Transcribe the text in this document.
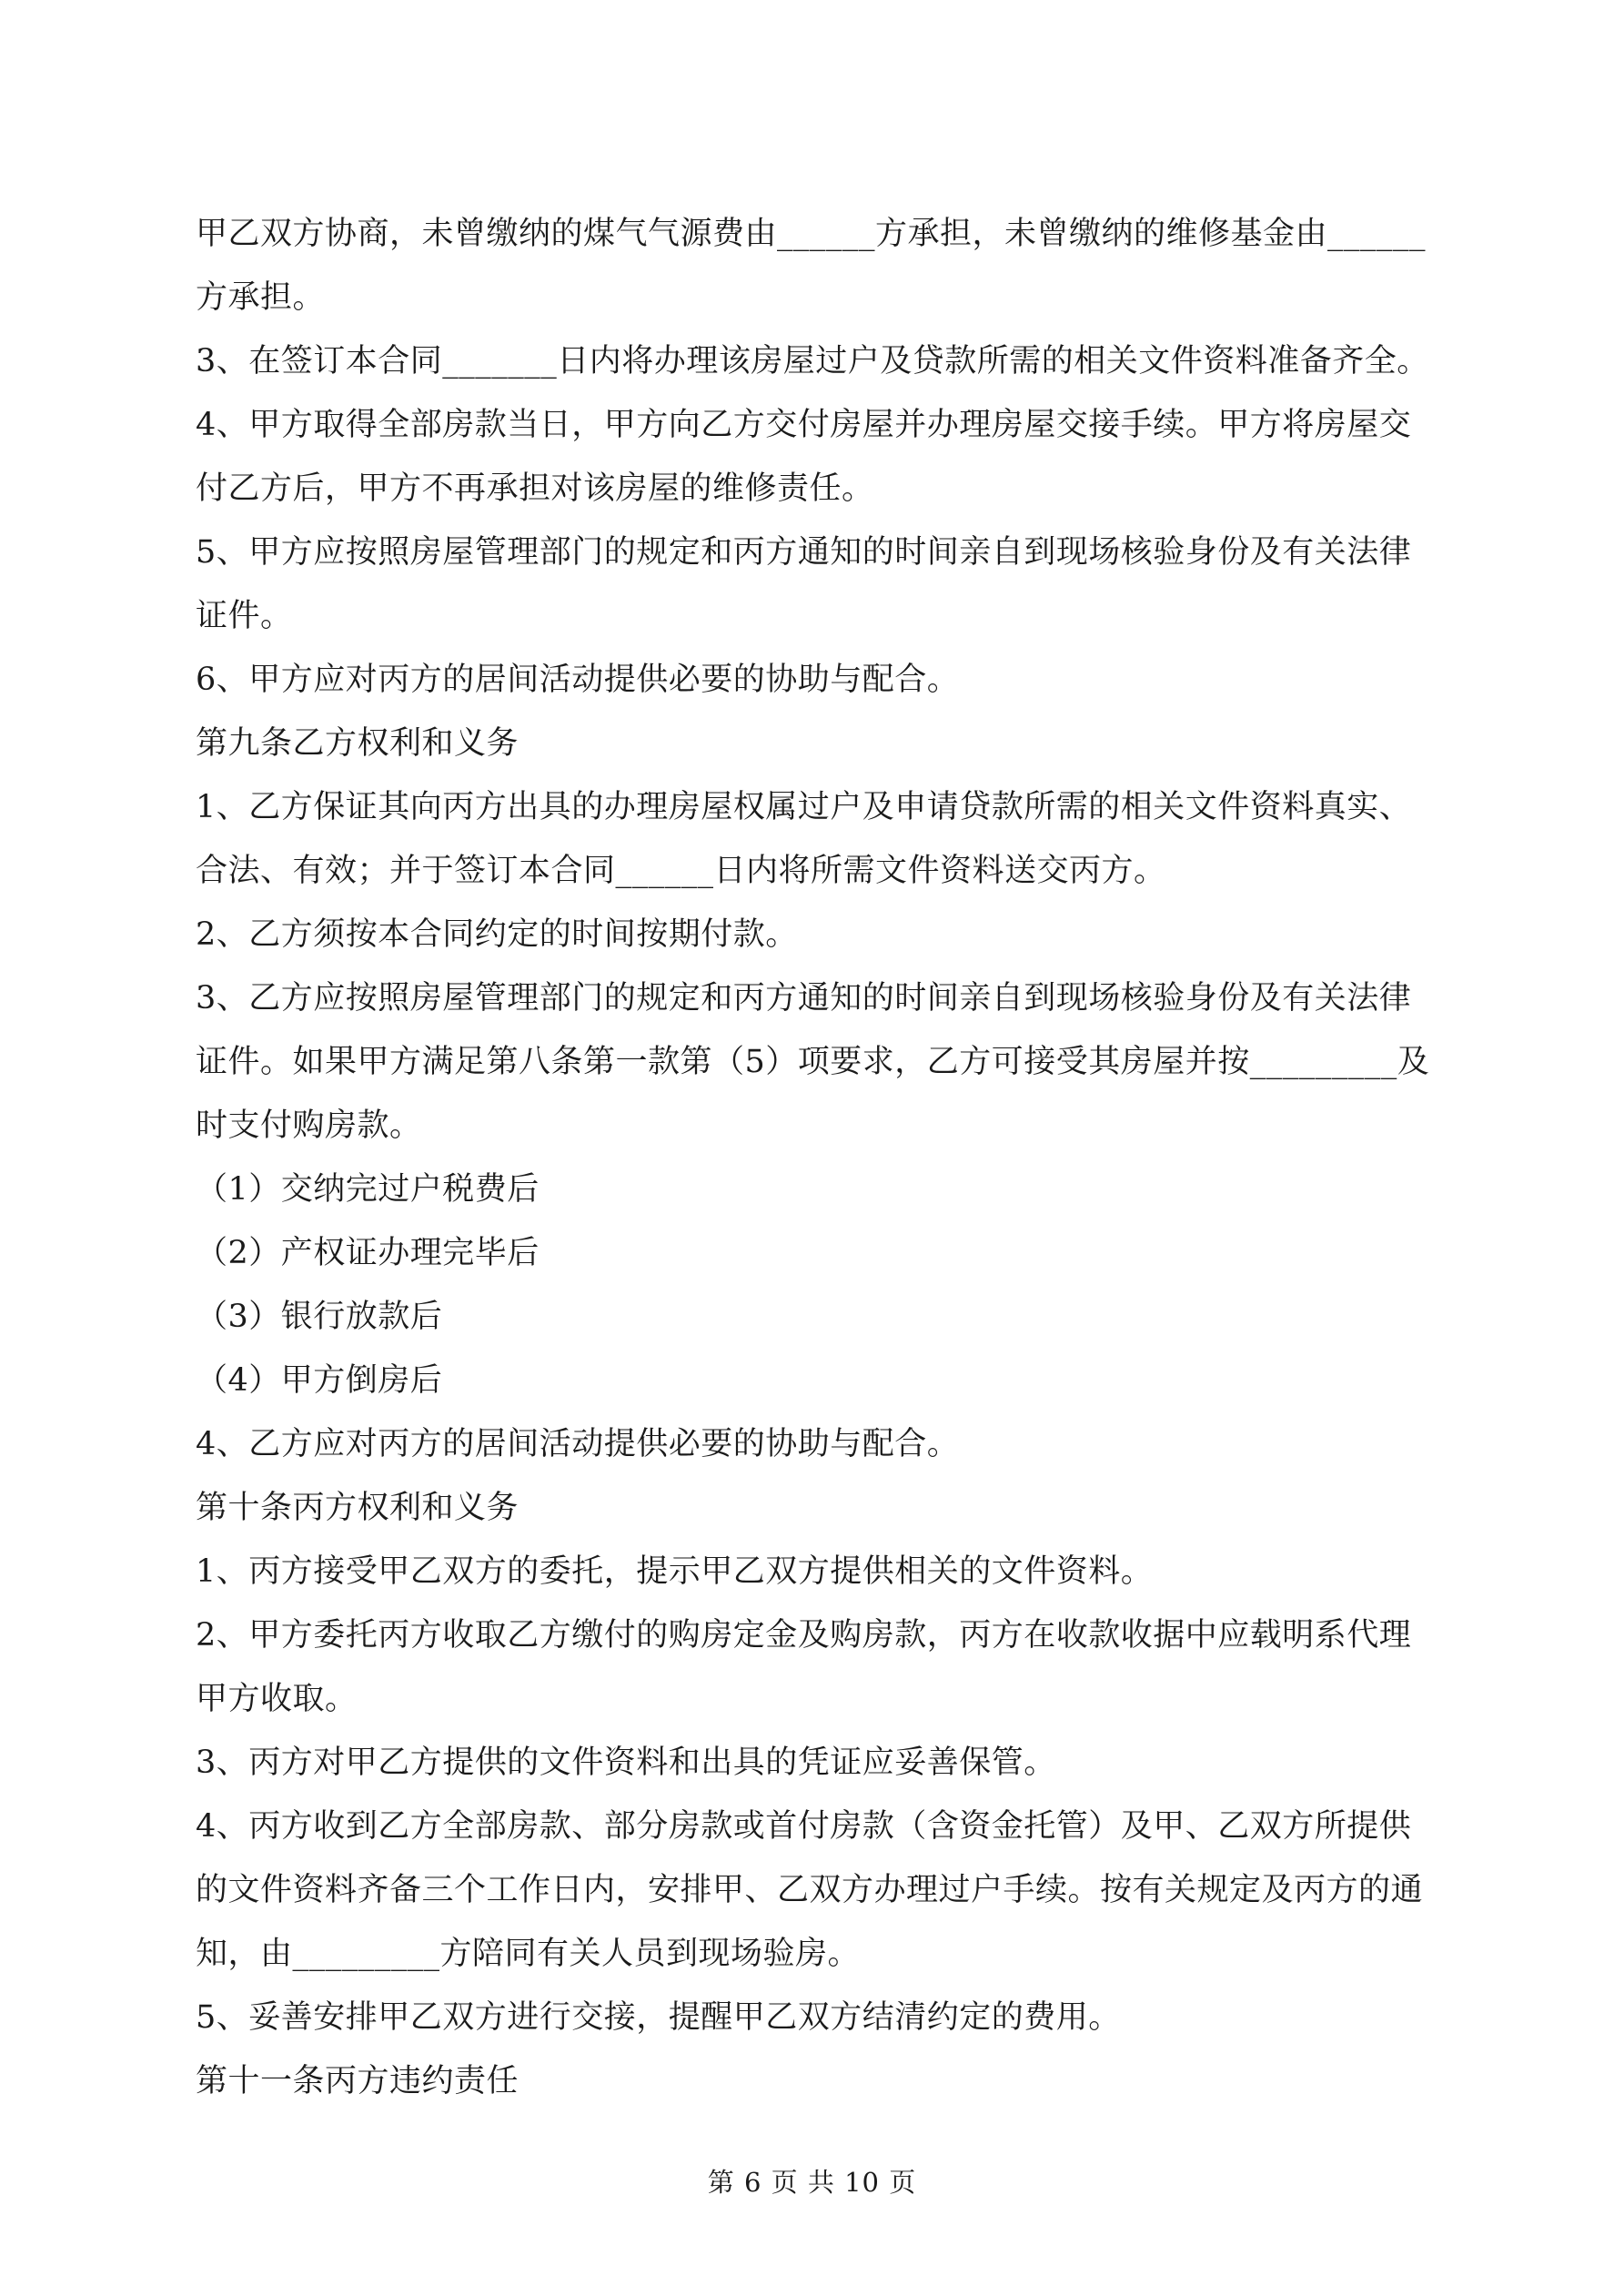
甲乙双方协商，未曾缴纳的煤气气源费由______方承担，未曾缴纳的维修基金由______
方承担。
3、在签订本合同_______日内将办理该房屋过户及贷款所需的相关文件资料准备齐全。
4、甲方取得全部房款当日，甲方向乙方交付房屋并办理房屋交接手续。甲方将房屋交
付乙方后，甲方不再承担对该房屋的维修责任。
5、甲方应按照房屋管理部门的规定和丙方通知的时间亲自到现场核验身份及有关法律
证件。
6、甲方应对丙方的居间活动提供必要的协助与配合。
第九条乙方权利和义务
1、乙方保证其向丙方出具的办理房屋权属过户及申请贷款所需的相关文件资料真实、
合法、有效；并于签订本合同______日内将所需文件资料送交丙方。
2、乙方须按本合同约定的时间按期付款。
3、乙方应按照房屋管理部门的规定和丙方通知的时间亲自到现场核验身份及有关法律
证件。如果甲方满足第八条第一款第（5）项要求，乙方可接受其房屋并按_________及
时支付购房款。
（1）交纳完过户税费后
（2）产权证办理完毕后
（3）银行放款后
（4）甲方倒房后
4、乙方应对丙方的居间活动提供必要的协助与配合。
第十条丙方权利和义务
1、丙方接受甲乙双方的委托，提示甲乙双方提供相关的文件资料。
2、甲方委托丙方收取乙方缴付的购房定金及购房款，丙方在收款收据中应载明系代理
甲方收取。
3、丙方对甲乙方提供的文件资料和出具的凭证应妥善保管。
4、丙方收到乙方全部房款、部分房款或首付房款（含资金托管）及甲、乙双方所提供
的文件资料齐备三个工作日内，安排甲、乙双方办理过户手续。按有关规定及丙方的通
知，由_________方陪同有关人员到现场验房。
5、妥善安排甲乙双方进行交接，提醒甲乙双方结清约定的费用。
第十一条丙方违约责任
第 6 页 共 10 页
